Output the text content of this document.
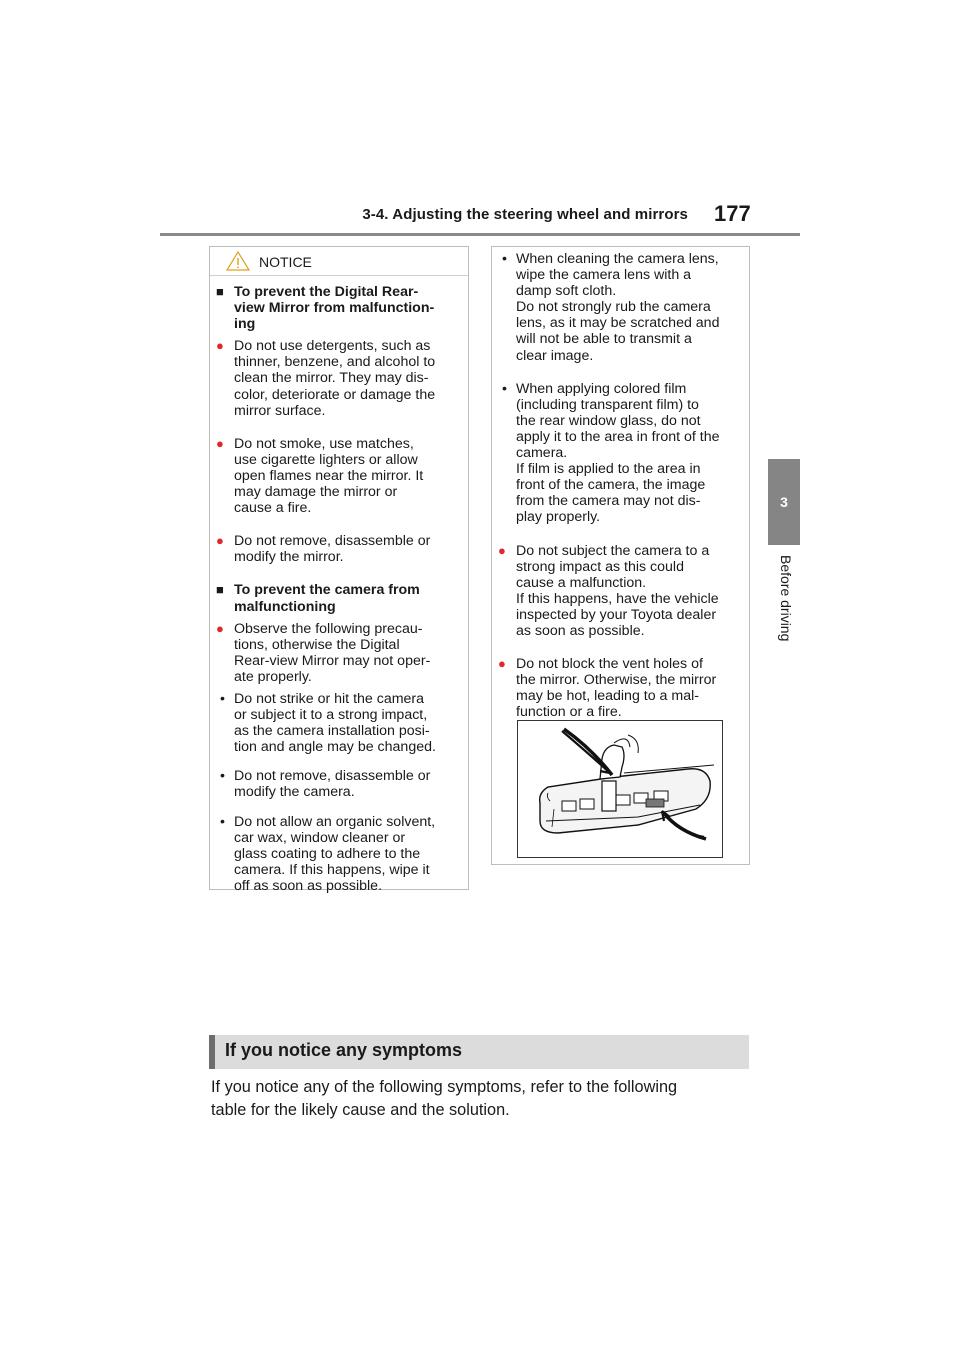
3-4. Adjusting the steering wheel and mirrors 177
3
Before driving
NOTICE
■ To prevent the Digital Rear-
view Mirror from malfunction-
ing
● Do not use detergents, such as
thinner, benzene, and alcohol to
clean the mirror. They may dis-
color, deteriorate or damage the
mirror surface.
● Do not smoke, use matches,
use cigarette lighters or allow
open flames near the mirror. It
may damage the mirror or
cause a fire.
● Do not remove, disassemble or
modify the mirror.
■ To prevent the camera from
malfunctioning
● Observe the following precau-
tions, otherwise the Digital
Rear-view Mirror may not oper-
ate properly.
• Do not strike or hit the camera
or subject it to a strong impact,
as the camera installation posi-
tion and angle may be changed.
• Do not remove, disassemble or
modify the camera.
• Do not allow an organic solvent,
car wax, window cleaner or
glass coating to adhere to the
camera. If this happens, wipe it
off as soon as possible.
• When cleaning the camera lens,
wipe the camera lens with a
damp soft cloth.
Do not strongly rub the camera
lens, as it may be scratched and
will not be able to transmit a
clear image.
• When applying colored film
(including transparent film) to
the rear window glass, do not
apply it to the area in front of the
camera.
If film is applied to the area in
front of the camera, the image
from the camera may not dis-
play properly.
● Do not subject the camera to a
strong impact as this could
cause a malfunction.
If this happens, have the vehicle
inspected by your Toyota dealer
as soon as possible.
● Do not block the vent holes of
the mirror. Otherwise, the mirror
may be hot, leading to a mal-
function or a fire.
If you notice any symptoms
If you notice any of the following symptoms, refer to the following
table for the likely cause and the solution.
